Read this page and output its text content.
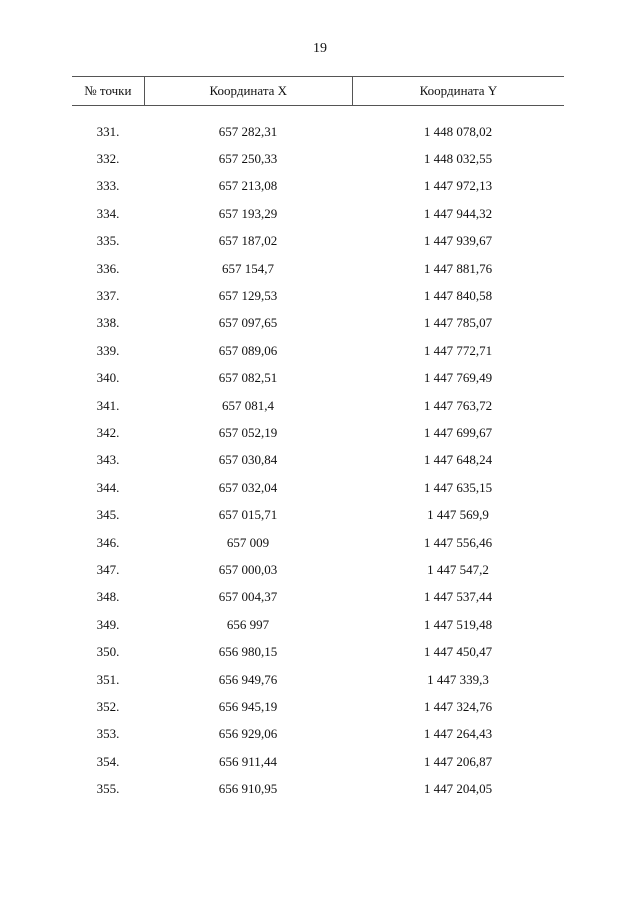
19
№ точки	Координата X	Координата Y
331.	657 282,31	1 448 078,02
332.	657 250,33	1 448 032,55
333.	657 213,08	1 447 972,13
334.	657 193,29	1 447 944,32
335.	657 187,02	1 447 939,67
336.	657 154,7	1 447 881,76
337.	657 129,53	1 447 840,58
338.	657 097,65	1 447 785,07
339.	657 089,06	1 447 772,71
340.	657 082,51	1 447 769,49
341.	657 081,4	1 447 763,72
342.	657 052,19	1 447 699,67
343.	657 030,84	1 447 648,24
344.	657 032,04	1 447 635,15
345.	657 015,71	1 447 569,9
346.	657 009	1 447 556,46
347.	657 000,03	1 447 547,2
348.	657 004,37	1 447 537,44
349.	656 997	1 447 519,48
350.	656 980,15	1 447 450,47
351.	656 949,76	1 447 339,3
352.	656 945,19	1 447 324,76
353.	656 929,06	1 447 264,43
354.	656 911,44	1 447 206,87
355.	656 910,95	1 447 204,05
